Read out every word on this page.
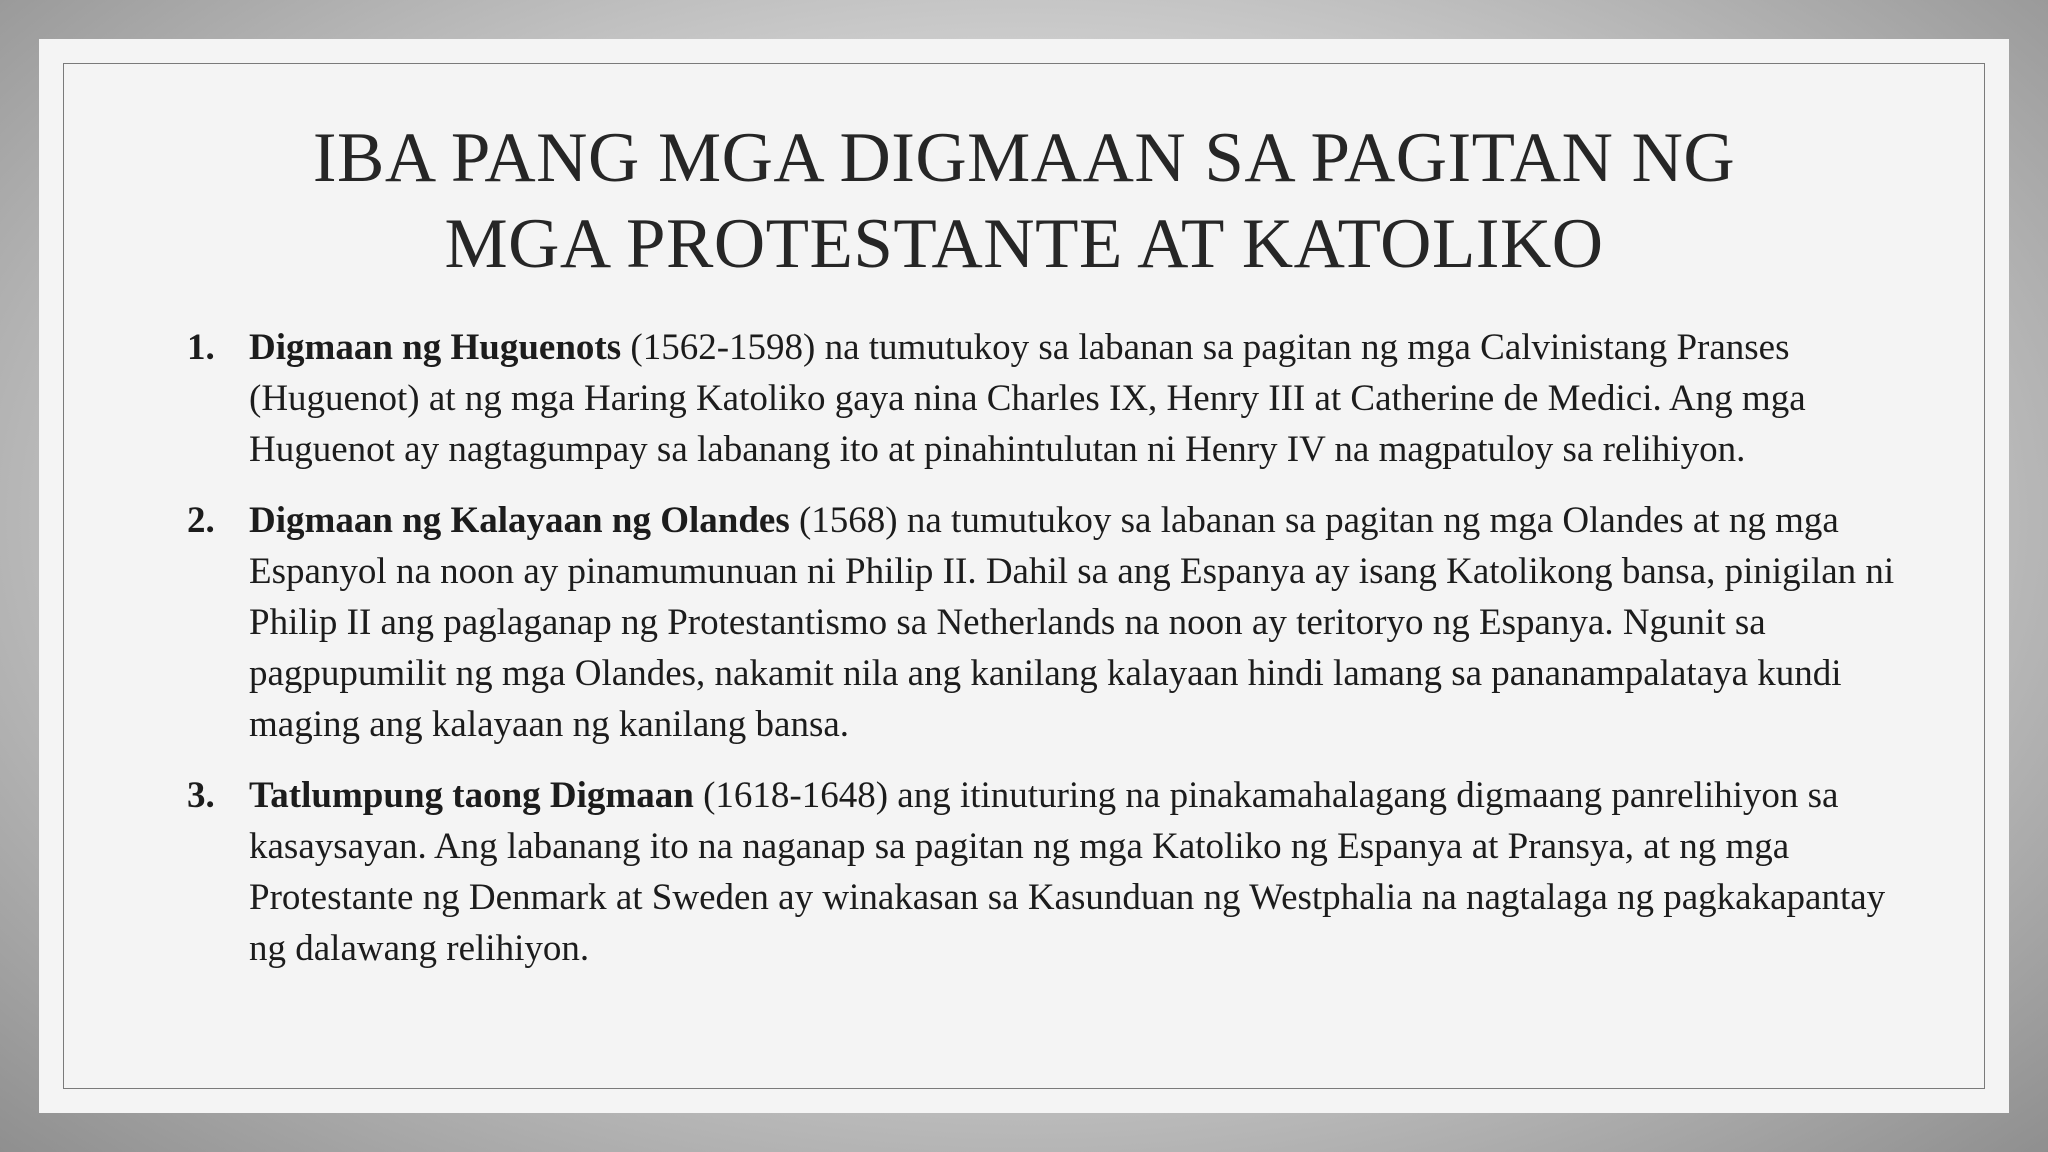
IBA PANG MGA DIGMAAN SA PAGITAN NG
MGA PROTESTANTE AT KATOLIKO
1. Digmaan ng Huguenots (1562-1598) na tumutukoy sa labanan sa pagitan ng mga Calvinistang Pranses (Huguenot) at ng mga Haring Katoliko gaya nina Charles IX, Henry III at Catherine de Medici. Ang mga Huguenot ay nagtagumpay sa labanang ito at pinahintulutan ni Henry IV na magpatuloy sa relihiyon.
2. Digmaan ng Kalayaan ng Olandes (1568) na tumutukoy sa labanan sa pagitan ng mga Olandes at ng mga Espanyol na noon ay pinamumunuan ni Philip II. Dahil sa ang Espanya ay isang Katolikong bansa, pinigilan ni Philip II ang paglaganap ng Protestantismo sa Netherlands na noon ay teritoryo ng Espanya. Ngunit sa pagpupumilit ng mga Olandes, nakamit nila ang kanilang kalayaan hindi lamang sa pananampalataya kundi maging ang kalayaan ng kanilang bansa.
3. Tatlumpung taong Digmaan (1618-1648) ang itinuturing na pinakamahalagang digmaang panrelihiyon sa kasaysayan. Ang labanang ito na naganap sa pagitan ng mga Katoliko ng Espanya at Pransya, at ng mga Protestante ng Denmark at Sweden ay winakasan sa Kasunduan ng Westphalia na nagtalaga ng pagkakapantay ng dalawang relihiyon.
